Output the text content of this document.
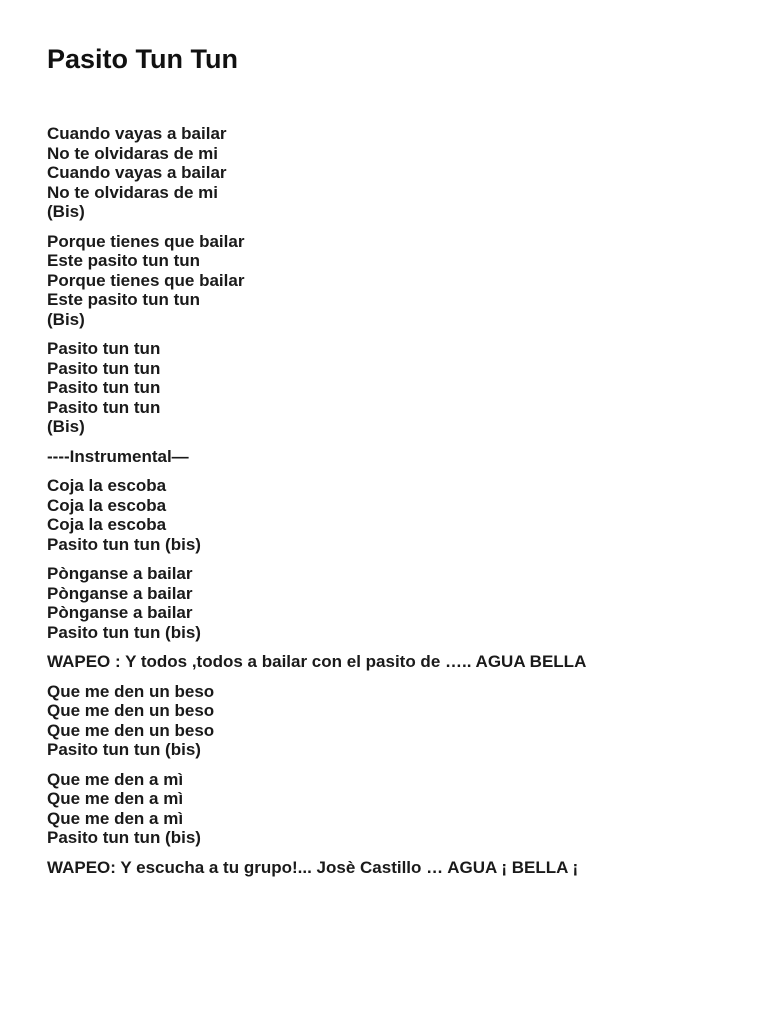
Pasito Tun Tun

Cuando vayas a bailar
No te olvidaras de mi
Cuando vayas a bailar
No te olvidaras de mi
(Bis)

Porque tienes que bailar
Este pasito tun tun
Porque tienes que bailar
Este pasito tun tun
(Bis)

Pasito tun tun
Pasito tun tun
Pasito tun tun
Pasito tun tun
(Bis)

----Instrumental—

Coja la escoba
Coja la escoba
Coja la escoba
Pasito tun tun (bis)

Pònganse a bailar
Pònganse a bailar
Pònganse a bailar
Pasito tun tun (bis)

WAPEO : Y todos ,todos a bailar con el pasito de ….. AGUA BELLA

Que me den un beso
Que me den un beso
Que me den un beso
Pasito tun tun (bis)

Que me den a mì
Que me den a mì
Que me den a mì
Pasito tun tun (bis)

WAPEO: Y escucha a tu grupo!... Josè Castillo … AGUA ¡ BELLA ¡
